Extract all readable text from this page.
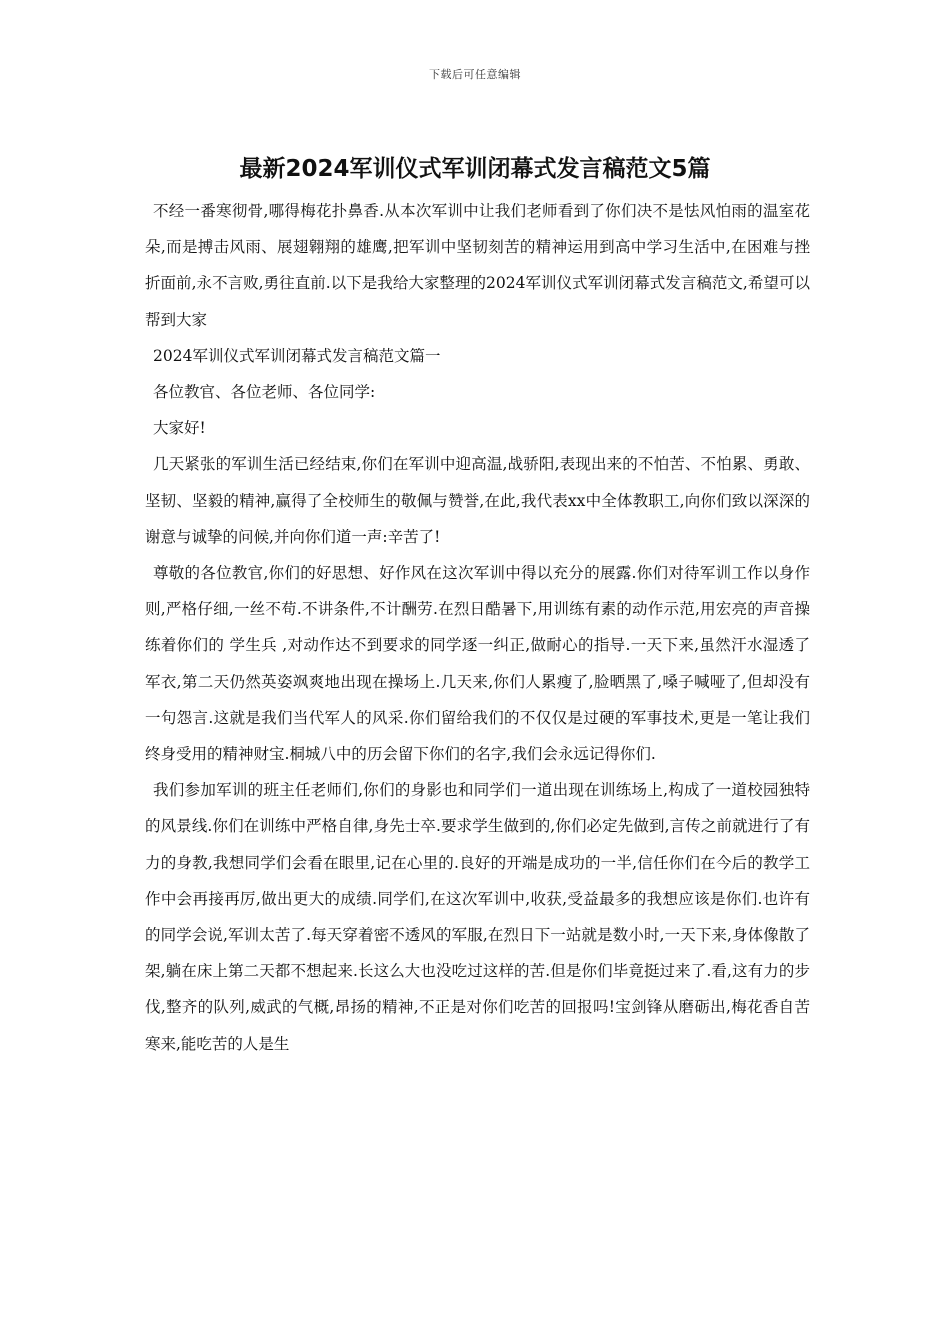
下载后可任意编辑
最新2024军训仪式军训闭幕式发言稿范文5篇

不经一番寒彻骨,哪得梅花扑鼻香.从本次军训中让我们老师看到了你们决不是怯风怕雨的温室花朵,而是搏击风雨、展翅翱翔的雄鹰,把军训中坚韧刻苦的精神运用到高中学习生活中,在困难与挫折面前,永不言败,勇往直前.以下是我给大家整理的2024军训仪式军训闭幕式发言稿范文,希望可以帮到大家

2024军训仪式军训闭幕式发言稿范文篇一

各位教官、各位老师、各位同学:

大家好!

几天紧张的军训生活已经结束,你们在军训中迎高温,战骄阳,表现出来的不怕苦、不怕累、勇敢、坚韧、坚毅的精神,赢得了全校师生的敬佩与赞誉,在此,我代表xx中全体教职工,向你们致以深深的谢意与诚挚的问候,并向你们道一声:辛苦了!

尊敬的各位教官,你们的好思想、好作风在这次军训中得以充分的展露.你们对待军训工作以身作则,严格仔细,一丝不苟.不讲条件,不计酬劳.在烈日酷暑下,用训练有素的动作示范,用宏亮的声音操练着你们的 学生兵 ,对动作达不到要求的同学逐一纠正,做耐心的指导.一天下来,虽然汗水湿透了军衣,第二天仍然英姿飒爽地出现在操场上.几天来,你们人累瘦了,脸晒黑了,嗓子喊哑了,但却没有一句怨言.这就是我们当代军人的风采.你们留给我们的不仅仅是过硬的军事技术,更是一笔让我们终身受用的精神财宝.桐城八中的历会留下你们的名字,我们会永远记得你们.

我们参加军训的班主任老师们,你们的身影也和同学们一道出现在训练场上,构成了一道校园独特的风景线.你们在训练中严格自律,身先士卒.要求学生做到的,你们必定先做到,言传之前就进行了有力的身教,我想同学们会看在眼里,记在心里的.良好的开端是成功的一半,信任你们在今后的教学工作中会再接再厉,做出更大的成绩.同学们,在这次军训中,收获,受益最多的我想应该是你们.也许有的同学会说,军训太苦了.每天穿着密不透风的军服,在烈日下一站就是数小时,一天下来,身体像散了架,躺在床上第二天都不想起来.长这么大也没吃过这样的苦.但是你们毕竟挺过来了.看,这有力的步伐,整齐的队列,威武的气概,昂扬的精神,不正是对你们吃苦的回报吗!宝剑锋从磨砺出,梅花香自苦寒来,能吃苦的人是生
